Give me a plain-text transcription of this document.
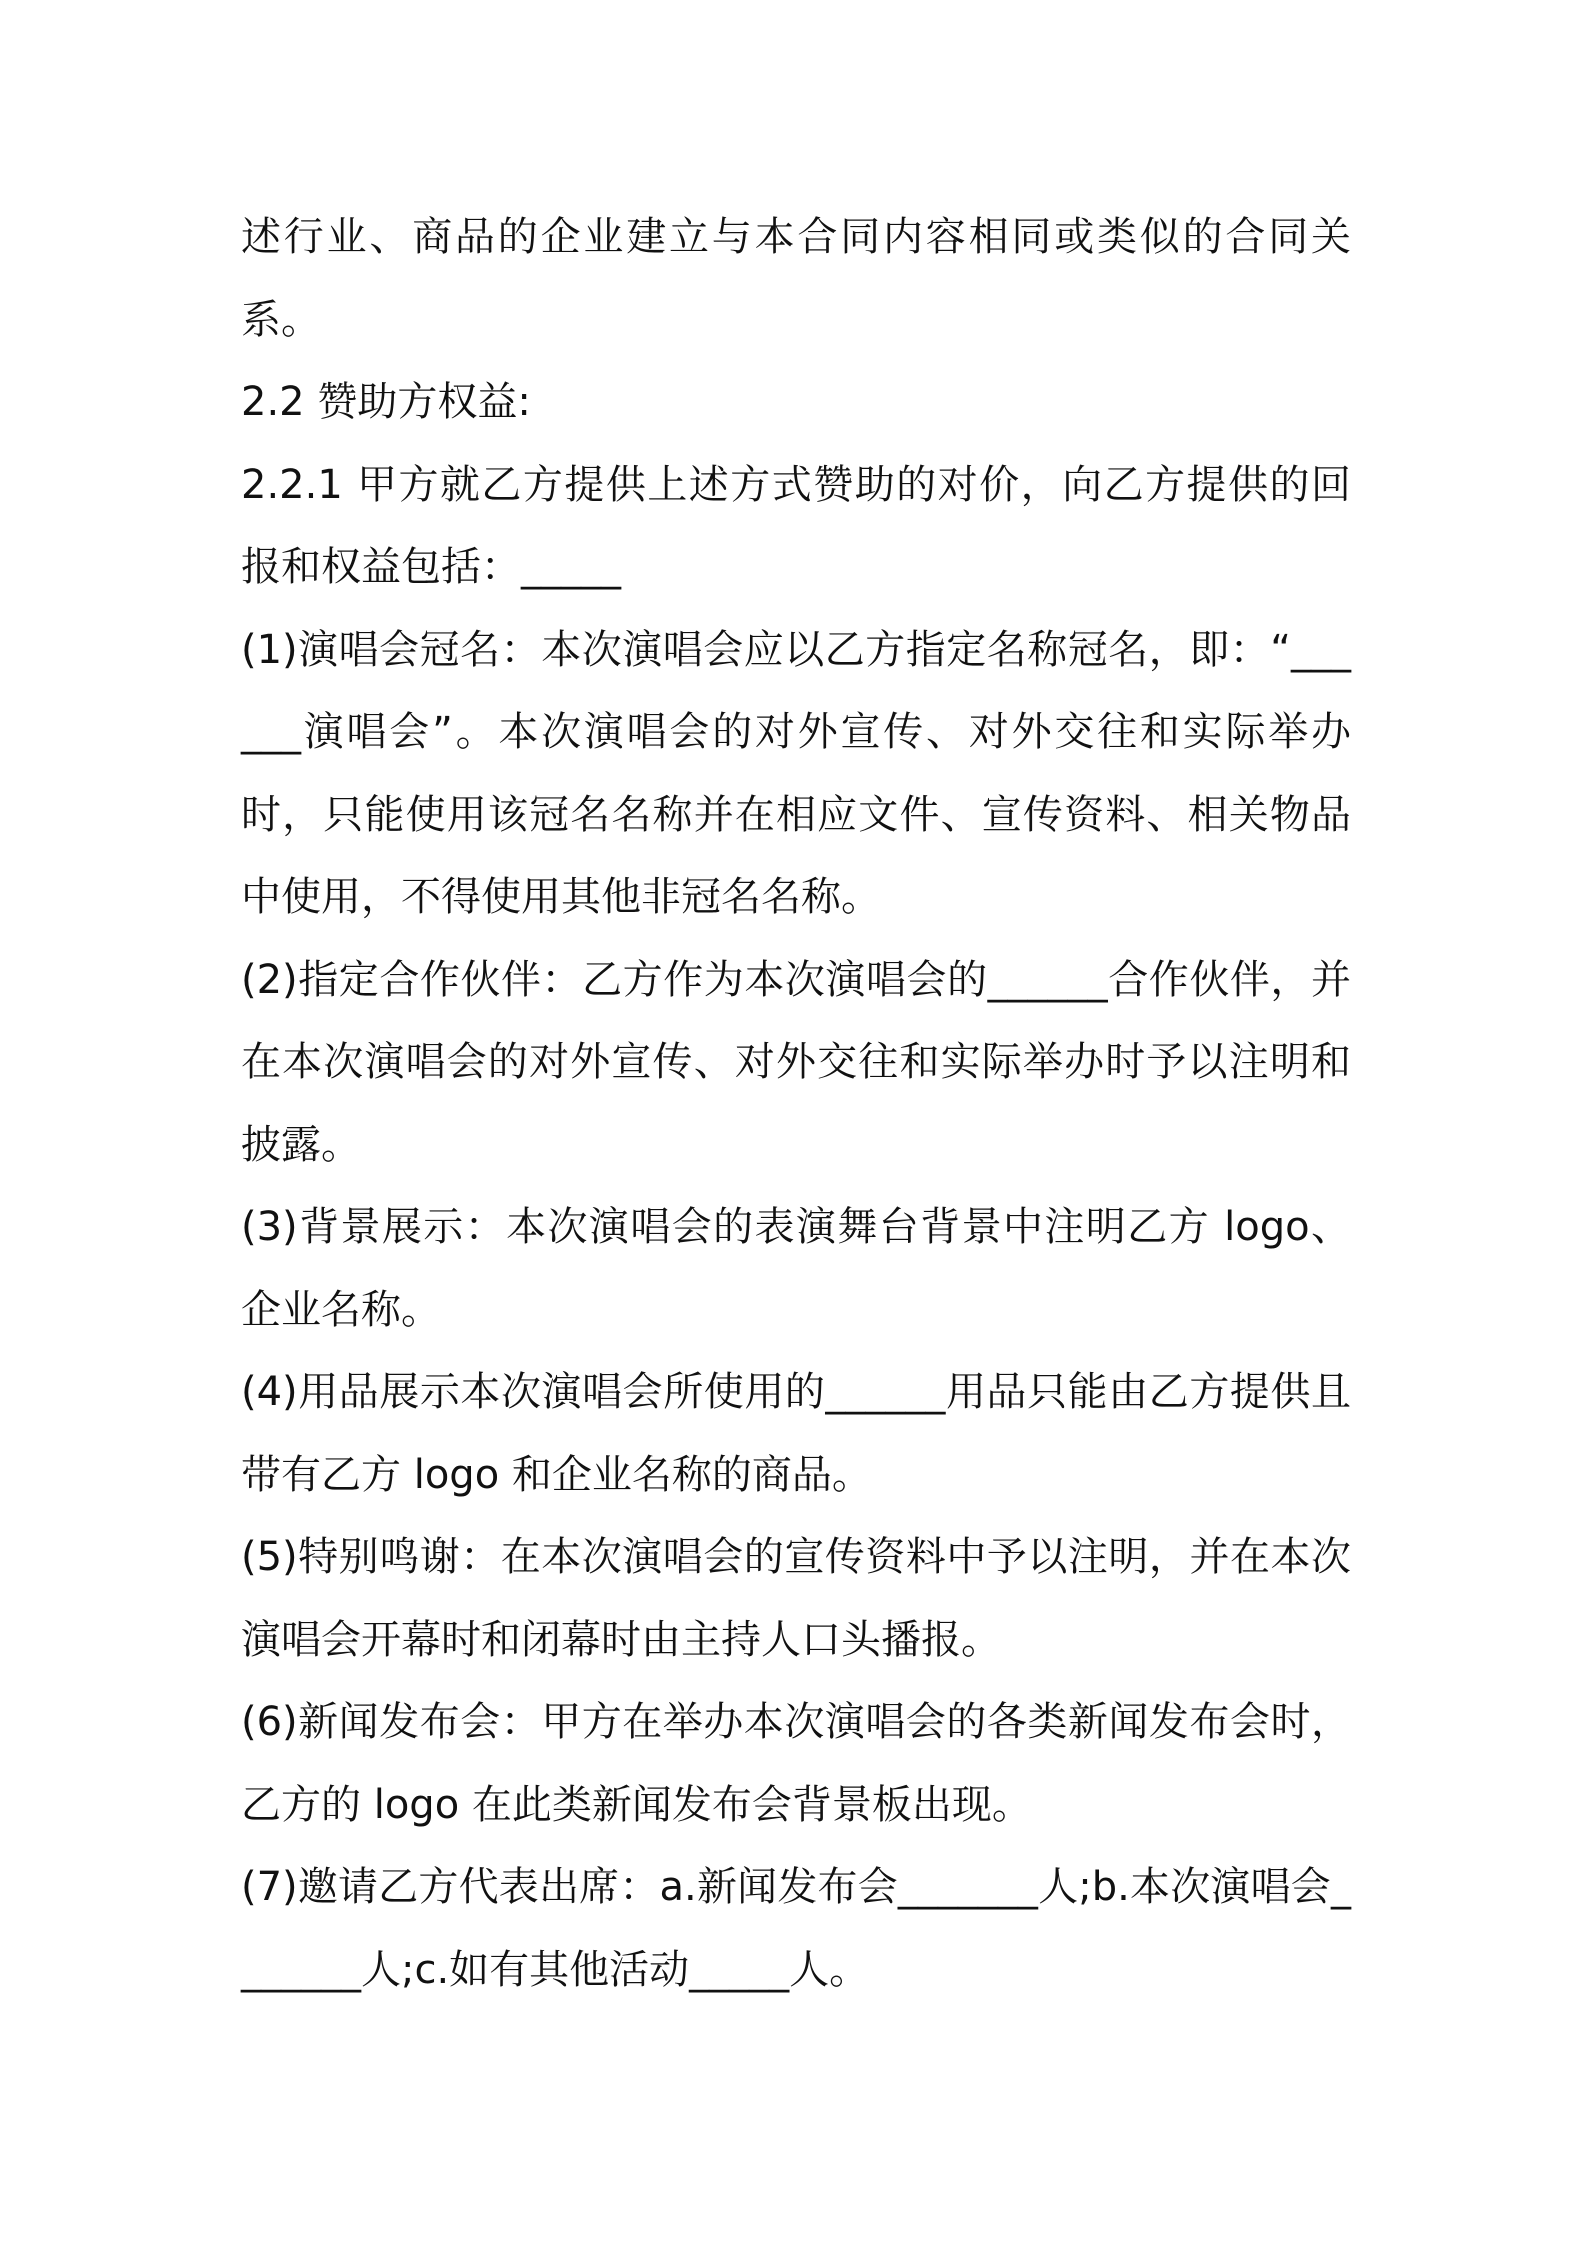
述行业、商品的企业建立与本合同内容相同或类似的合同关系。

2.2 赞助方权益:

2.2.1 甲方就乙方提供上述方式赞助的对价，向乙方提供的回报和权益包括：_____

(1)演唱会冠名：本次演唱会应以乙方指定名称冠名，即：“______演唱会”。本次演唱会的对外宣传、对外交往和实际举办时，只能使用该冠名名称并在相应文件、宣传资料、相关物品中使用，不得使用其他非冠名名称。

(2)指定合作伙伴：乙方作为本次演唱会的______合作伙伴，并在本次演唱会的对外宣传、对外交往和实际举办时予以注明和披露。

(3)背景展示：本次演唱会的表演舞台背景中注明乙方 logo、企业名称。

(4)用品展示本次演唱会所使用的______用品只能由乙方提供且带有乙方 logo 和企业名称的商品。

(5)特别鸣谢：在本次演唱会的宣传资料中予以注明，并在本次演唱会开幕时和闭幕时由主持人口头播报。

(6)新闻发布会：甲方在举办本次演唱会的各类新闻发布会时，乙方的 logo 在此类新闻发布会背景板出现。

(7)邀请乙方代表出席：a.新闻发布会_______人;b.本次演唱会_______人;c.如有其他活动_____人。
